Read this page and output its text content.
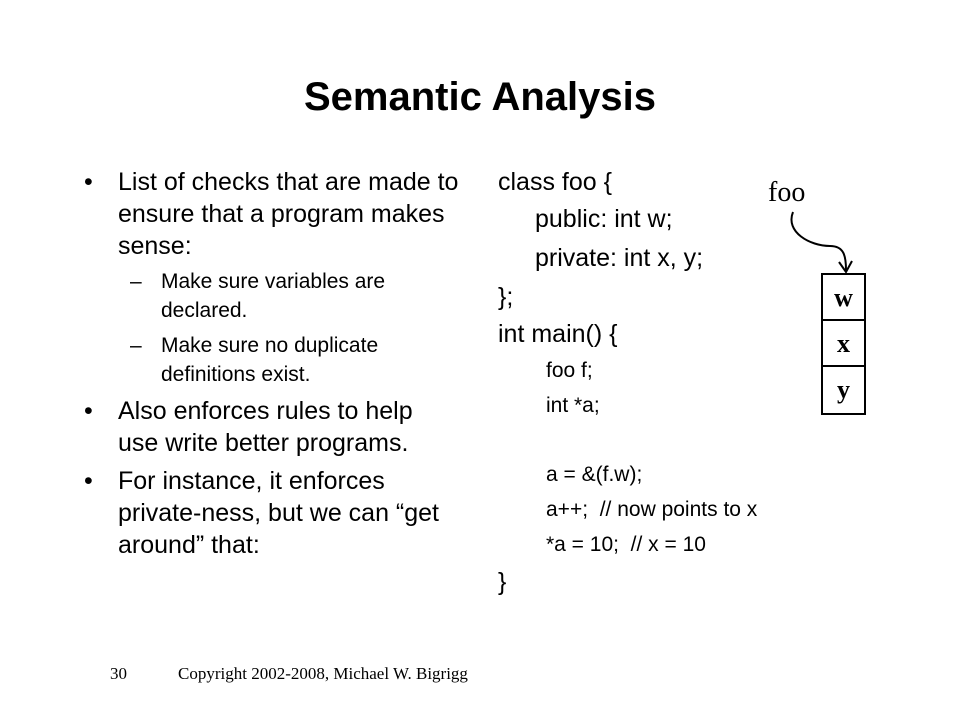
Semantic Analysis
• List of checks that are made to ensure that a program makes sense:
– Make sure variables are declared.
– Make sure no duplicate definitions exist.
• Also enforces rules to help use write better programs.
• For instance, it enforces private-ness, but we can “get around” that:
class foo {
public: int w;
private: int x, y;
};
int main() {
foo f;
int *a;
a = &(f.w);
a++;  // now points to x
*a = 10;  // x = 10
}
foo
w
x
y
30	Copyright 2002-2008, Michael W. Bigrigg
